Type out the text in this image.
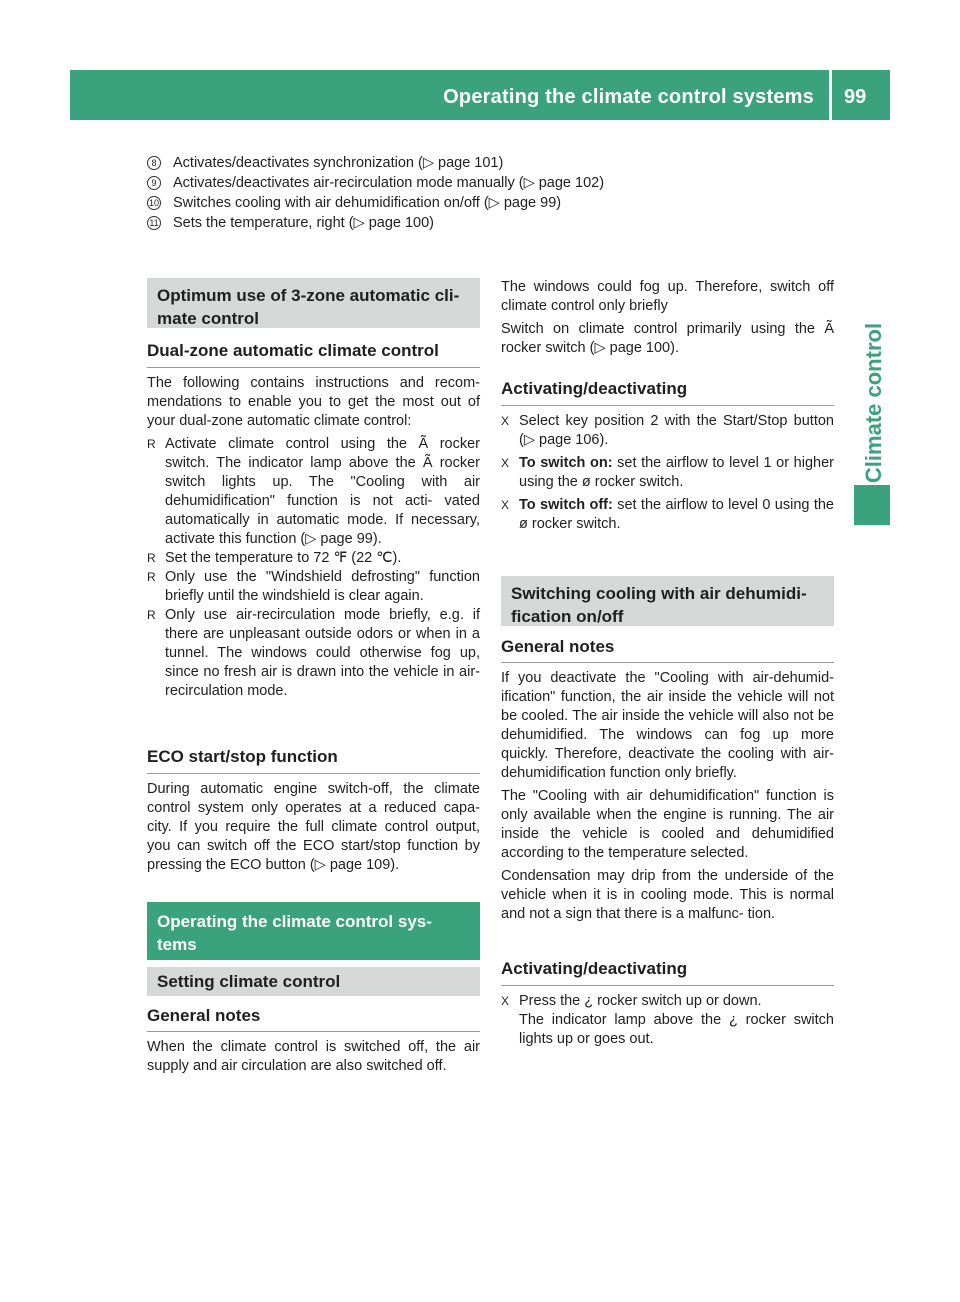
Operating the climate control systems 99
Climate control
8 Activates/deactivates synchronization (▷ page 101)
9 Activates/deactivates air-recirculation mode manually (▷ page 102)
10 Switches cooling with air dehumidification on/off (▷ page 99)
11 Sets the temperature, right (▷ page 100)
Optimum use of 3-zone automatic cli- mate control
Dual-zone automatic climate control

The following contains instructions and recom- mendations to enable you to get the most out of your dual-zone automatic climate control:

R Activate climate control using the Ã rocker switch. The indicator lamp above the Ã rocker switch lights up. The "Cooling with air dehumidification" function is not acti- vated automatically in automatic mode. If necessary, activate this function (▷ page 99).
R Set the temperature to 72 ℉ (22 ℃).
R Only use the "Windshield defrosting" function briefly until the windshield is clear again.
R Only use air-recirculation mode briefly, e.g. if there are unpleasant outside odors or when in a tunnel. The windows could otherwise fog up, since no fresh air is drawn into the vehicle in air-recirculation mode.
ECO start/stop function
During automatic engine switch-off, the climate control system only operates at a reduced capa- city. If you require the full climate control output, you can switch off the ECO start/stop function by pressing the ECO button (▷ page 109).
Operating the climate control sys- tems
Setting climate control
General notes
When the climate control is switched off, the air supply and air circulation are also switched off.

The windows could fog up. Therefore, switch off climate control only briefly

Switch on climate control primarily using the Ã rocker switch (▷ page 100).

Activating/deactivating
X Select key position 2 with the Start/Stop button (▷ page 106).
X To switch on: set the airflow to level 1 or higher using the ø rocker switch.
X To switch off: set the airflow to level 0 using the ø rocker switch.
Switching cooling with air dehumidi- fication on/off
General notes

If you deactivate the "Cooling with air-dehumid- ification" function, the air inside the vehicle will not be cooled. The air inside the vehicle will also not be dehumidified. The windows can fog up more quickly. Therefore, deactivate the cooling with air-dehumidification function only briefly.

The "Cooling with air dehumidification" function is only available when the engine is running. The air inside the vehicle is cooled and dehumidified according to the temperature selected.

Condensation may drip from the underside of the vehicle when it is in cooling mode. This is normal and not a sign that there is a malfunc- tion.

Activating/deactivating
X Press the ¿ rocker switch up or down.
The indicator lamp above the ¿ rocker switch lights up or goes out.
